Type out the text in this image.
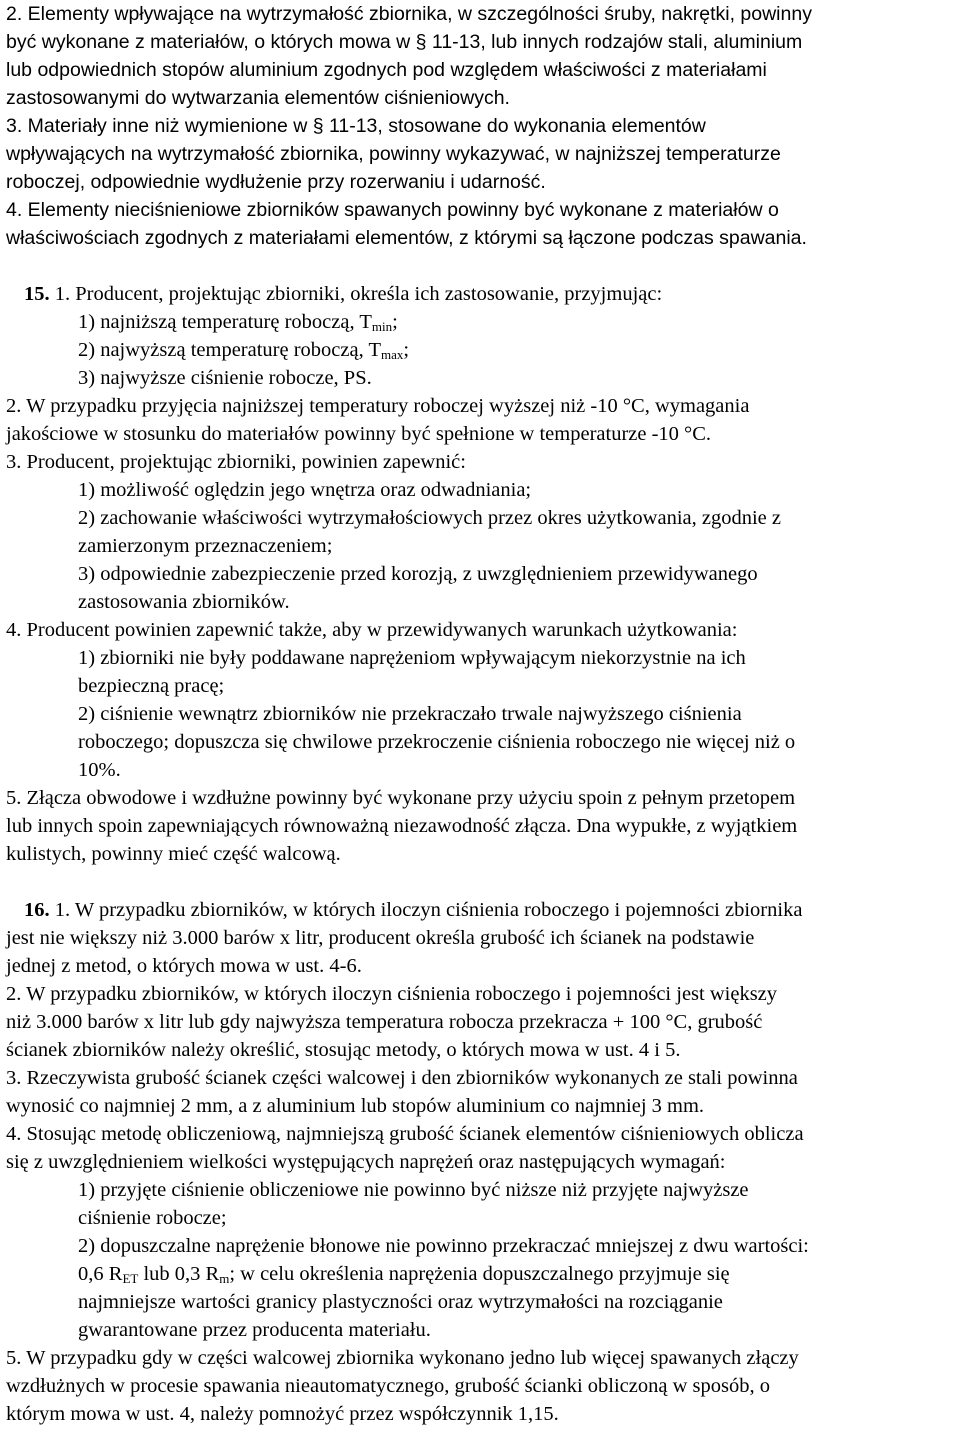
2. Elementy wpływające na wytrzymałość zbiornika, w szczególności śruby, nakrętki, powinny
być wykonane z materiałów, o których mowa w § 11-13, lub innych rodzajów stali, aluminium
lub odpowiednich stopów aluminium zgodnych pod względem właściwości z materiałami
zastosowanymi do wytwarzania elementów ciśnieniowych.
3. Materiały inne niż wymienione w § 11-13, stosowane do wykonania elementów
wpływających na wytrzymałość zbiornika, powinny wykazywać, w najniższej temperaturze
roboczej, odpowiednie wydłużenie przy rozerwaniu i udarność.
4. Elementy nieciśnieniowe zbiorników spawanych powinny być wykonane z materiałów o
właściwościach zgodnych z materiałami elementów, z którymi są łączone podczas spawania.
15. 1. Producent, projektując zbiorniki, określa ich zastosowanie, przyjmując:
1) najniższą temperaturę roboczą, $T_{min}$;
2) najwyższą temperaturę roboczą, $T_{max}$;
3) najwyższe ciśnienie robocze, PS.
2. W przypadku przyjęcia najniższej temperatury roboczej wyższej niż -10 °C, wymagania
jakościowe w stosunku do materiałów powinny być spełnione w temperaturze -10 °C.
3. Producent, projektując zbiorniki, powinien zapewnić:
1) możliwość oględzin jego wnętrza oraz odwadniania;
2) zachowanie właściwości wytrzymałościowych przez okres użytkowania, zgodnie z
zamierzonym przeznaczeniem;
3) odpowiednie zabezpieczenie przed korozją, z uwzględnieniem przewidywanego
zastosowania zbiorników.
4. Producent powinien zapewnić także, aby w przewidywanych warunkach użytkowania:
1) zbiorniki nie były poddawane naprężeniom wpływającym niekorzystnie na ich
bezpieczną pracę;
2) ciśnienie wewnątrz zbiorników nie przekraczało trwale najwyższego ciśnienia
roboczego; dopuszcza się chwilowe przekroczenie ciśnienia roboczego nie więcej niż o
10%.
5. Złącza obwodowe i wzdłużne powinny być wykonane przy użyciu spoin z pełnym przetopem
lub innych spoin zapewniających równoważną niezawodność złącza. Dna wypukłe, z wyjątkiem
kulistych, powinny mieć część walcową.
16. 1. W przypadku zbiorników, w których iloczyn ciśnienia roboczego i pojemności zbiornika
jest nie większy niż 3.000 barów x litr, producent określa grubość ich ścianek na podstawie
jednej z metod, o których mowa w ust. 4-6.
2. W przypadku zbiorników, w których iloczyn ciśnienia roboczego i pojemności jest większy
niż 3.000 barów x litr lub gdy najwyższa temperatura robocza przekracza + 100 °C, grubość
ścianek zbiorników należy określić, stosując metody, o których mowa w ust. 4 i 5.
3. Rzeczywista grubość ścianek części walcowej i den zbiorników wykonanych ze stali powinna
wynosić co najmniej 2 mm, a z aluminium lub stopów aluminium co najmniej 3 mm.
4. Stosując metodę obliczeniową, najmniejszą grubość ścianek elementów ciśnieniowych oblicza
się z uwzględnieniem wielkości występujących naprężeń oraz następujących wymagań:
1) przyjęte ciśnienie obliczeniowe nie powinno być niższe niż przyjęte najwyższe
ciśnienie robocze;
2) dopuszczalne naprężenie błonowe nie powinno przekraczać mniejszej z dwu wartości:
0,6 $R_{ET}$ lub 0,3 $R_m$; w celu określenia naprężenia dopuszczalnego przyjmuje się
najmniejsze wartości granicy plastyczności oraz wytrzymałości na rozciąganie
gwarantowane przez producenta materiału.
5. W przypadku gdy w części walcowej zbiornika wykonano jedno lub więcej spawanych złączy
wzdłużnych w procesie spawania nieautomatycznego, grubość ścianki obliczoną w sposób, o
którym mowa w ust. 4, należy pomnożyć przez współczynnik 1,15.
